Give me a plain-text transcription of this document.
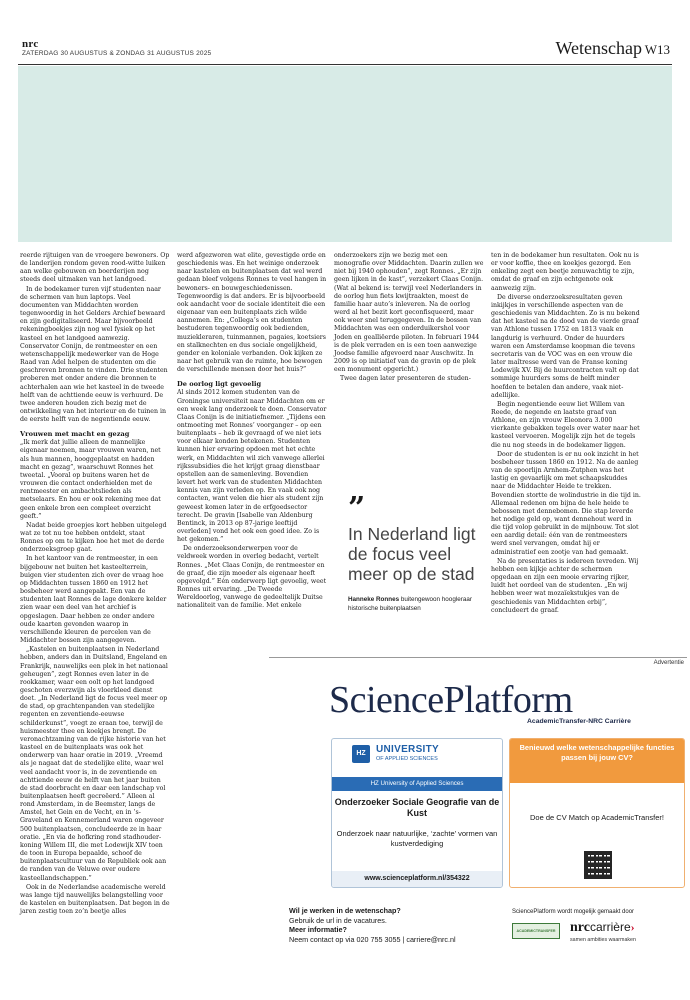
nrc
ZATERDAG 30 AUGUSTUS & ZONDAG 31 AUGUSTUS 2025	Wetenschap W13

reerde rijtuigen van de vroegere bewoners. Op de landerijen rondom geven rood-witte luiken aan welke gebouwen en boerderijen nog steeds deel uitmaken van het landgoed.

In de bodekamer turen vijf studenten naar de schermen van hun laptops. Veel documenten van Middachten worden tegenwoordig in het Gelders Archief bewaard en zijn gedigitaliseerd. Maar bijvoorbeeld rekeningboekjes zijn nog wel fysiek op het kasteel en het landgoed aanwezig. Conservator Conijn, de rentmeester en een wetenschappelijk medewerker van de Hoge Raad van Adel helpen de studenten om die geschreven bronnen te vinden. Drie studenten proberen met onder andere die bronnen te achterhalen aan wie het kasteel in de tweede helft van de achttiende eeuw is verhuurd. De twee anderen houden zich bezig met de ontwikkeling van het interieur en de tuinen in de eerste helft van de negentiende eeuw.

Vrouwen met macht en gezag

„Ik merk dat jullie alleen de mannelijke eigenaar noemen, maar vrouwen waren, net als hun mannen, hooggeplaatst en hadden macht en gezag”, waarschuwt Ronnes het tweetal. „Vooral op buitens waren het de vrouwen die contact onderhielden met de rentmeester en ambachtslieden als metselaars. En hou er ook rekening mee dat geen enkele bron een compleet overzicht geeft.”

Nadat beide groepjes kort hebben uitgelegd wat ze tot nu toe hebben ontdekt, staat Ronnes op om te kijken hoe het met de derde onderzoeksgroep gaat.

In het kantoor van de rentmeester, in een bijgebouw net buiten het kasteelterrein, buigen vier studenten zich over de vraag hoe op Middachten tussen 1860 en 1912 het bosbeheer werd aangepakt. Een van de studenten laat Ronnes de lage donkere kelder zien waar een deel van het archief is opgeslagen. Daar hebben ze onder andere oude kaarten gevonden waarop in verschillende kleuren de percelen van de Middachter bossen zijn aangegeven.

„Kastelen en buitenplaatsen in Nederland hebben, anders dan in Duitsland, Engeland en Frankrijk, nauwelijks een plek in het nationaal geheugen”, zegt Ronnes even later in de rookkamer, waar een oolt op het landgoed geschoten everzwijn als vloerkleed dienst doet. „In Nederland ligt de focus veel meer op de stad, op grachtenpanden van stedelijke regenten en zeventiende-eeuwse schilderkunst”, voegt ze eraan toe, terwijl de huismeester thee en koekjes brengt. De veronachtzaming van de rijke historie van het kasteel en de buitenplaats was ook het onderwerp van haar oratie in 2019. „Vreemd als je nagaat dat de stedelijke elite, waar wel veel aandacht voor is, in de zeventiende en achttiende eeuw de helft van het jaar buiten de stad doorbracht en daar een landschap vol buitenplaatsen heeft gecreëerd.” Alleen al rond Amsterdam, in de Beemster, langs de Amstel, het Gein en de Vecht, en in ’s-Graveland en Kennemerland waren ongeveer 500 buitenplaatsen, concludeerde ze in haar oratie. „En via de hofkring rond stadhouder-koning Willem III, die met Lodewijk XIV toen de toon in Europa bepaalde, schoof de buitenplaatscultuur van de Republiek ook aan de randen van de Veluwe over oudere kasteellandschappen.”

Ook in de Nederlandse academische wereld was lange tijd nauwelijks belangstelling voor de kastelen en buitenplaatsen. Dat begon in de jaren zestig toen zo’n beetje alles

werd afgezworen wat elite, gevestigde orde en geschiedenis was. En het weinige onderzoek naar kastelen en buitenplaatsen dat wel werd gedaan bleef volgens Ronnes te veel hangen in bewoners- en bouwgeschiedenissen. Tegenwoordig is dat anders. Er is bijvoorbeeld ook aandacht voor de sociale identiteit die een eigenaar van een buitenplaats zich wilde aannemen. En: „Collega’s en studenten bestuderen tegenwoordig ook bedienden, muziekleraren, tuinmannen, pagaies, koetsiers en stalknechten en dus sociale ongelijkheid, gender en koloniale verbanden. Ook kijken ze naar het gebruik van de ruimte, hoe bewogen de verschillende mensen door het huis?”

De oorlog ligt gevoelig

Al sinds 2012 komen studenten van de Groningse universiteit naar Middachten om er een week lang onderzoek te doen. Conservator Claas Conijn is de initiatiefnemer. „Tijdens een ontmoeting met Ronnes’ voorganger – op een buitenplaats – heb ik gevraagd of we niet iets voor elkaar konden betekenen. Studenten kunnen hier ervaring opdoen met het echte werk, en Middachten wil zich vanwege allerlei rijkssubsidies die het krijgt graag dienstbaar opstellen aan de samenleving. Bovendien levert het werk van de studenten Middachten kennis van zijn verleden op. En vaak ook nog contacten, want velen die hier als student zijn geweest komen later in de erfgoedsector terecht. De gravin [Isabelle van Aldenburg Bentinck, in 2013 op 87-jarige leeftijd overleden] vond het ook een goed idee. Zo is het gekomen.”

De onderzoeksonderwerpen voor de veldweek worden in overleg bedacht, vertelt Ronnes. „Met Claas Conijn, de rentmeester en de graaf, die zijn moeder als eigenaar heeft opgevolgd.” Eén onderwerp ligt gevoelig, weet Ronnes uit ervaring. „De Tweede Wereldoorlog, vanwege de gedeeltelijk Duitse nationaliteit van de familie. Met enkele

onderzoekers zijn we bezig met een monografie over Middachten. Daarin zullen we niet bij 1940 ophouden”, zegt Ronnes. „Er zijn geen lijken in de kast”, verzekert Claas Conijn. (Wat al bekend is: terwijl veel Nederlanders in de oorlog hun fiets kwijtraakten, moest de familie haar auto’s inleveren. Na de oorlog werd al het bezit kort geconfisqueerd, maar ook weer snel teruggegeven. In de bossen van Middachten was een onderduikershol voor Joden en gealliëerde piloten. In februari 1944 is de plek verraden en is een toen aanwezige Joodse familie afgevoerd naar Auschwitz. In 2009 is op initiatief van de gravin op de plek een monument opgericht.)

Twee dagen later presenteren de studen-

ten in de bodekamer hun resultaten. Ook nu is er voor koffie, thee en koekjes gezorgd. Een enkeling zegt een beetje zenuwachtig te zijn, omdat de graaf en zijn echtgenote ook aanwezig zijn.

De diverse onderzoeksresultaten geven inkijkjes in verschillende aspecten van de geschiedenis van Middachten. Zo is nu bekend dat het kasteel na de dood van de vierde graaf van Athlone tussen 1752 en 1813 vaak en langdurig is verhuurd. Onder de huurders waren een Amsterdamse koopman die tevens secretaris van de VOC was en een vrouw die later maîtresse werd van de Franse koning Lodewijk XV. Bij de huurcontracten valt op dat sommige huurders soms de helft minder hoefden te betalen dan andere, vaak niet-adellijke.

Begin negentiende eeuw liet Willem van Reede, de negende en laatste graaf van Athlone, en zijn vrouw Eleonora 3.000 vierkante gebakken tegels over water naar het kasteel vervoeren. Mogelijk zijn het de tegels die nu nog steeds in de bodekamer liggen.

Door de studenten is er nu ook inzicht in het bosbeheer tussen 1860 en 1912. Na de aanleg van de spoorlijn Arnhem-Zutphen was het lastig en gevaarlijk om met schaapskuddes naar de Middachter Heide te trekken. Bovendien stortte de wolindustrie in die tijd in. Allemaal redenen om bijna de hele heide te bebossen met dennebomen. Die stap leverde het nodige geld op, want dennehout werd in die tijd volop gebruikt in de mijnbouw. Tot slot een aardig detail: één van de rentmeesters werd snel vervangen, omdat hij er administratief een zootje van had gemaakt.

Na de presentaties is iedereen tevreden. Wij hebben een kijkje achter de schermen opgedaan en zijn een mooie ervaring rijker, luidt het oordeel van de studenten. „En wij hebben weer wat mozaïekstukjes van de geschiedenis van Middachten erbij”, concludeert de graaf.

”
In Nederland ligt de focus veel meer op de stad
Hanneke Ronnes buitengewoon hoogleraar historische buitenplaatsen
Advertentie
SciencePlatform
AcademicTransfer-NRC Carrière
HZ	UNIVERSITY
OF APPLIED SCIENCES
HZ University of Applied Sciences
Onderzoeker Sociale Geografie van de Kust
Onderzoek naar natuurlijke, ‘zachte’ vormen van kustverdediging
www.scienceplatform.nl/354322
Benieuwd welke wetenschappelijke functies passen bij jouw CV?
Doe de CV Match op AcademicTransfer!
Wil je werken in de wetenschap?
Gebruik de url in de vacatures.
Meer informatie?
Neem contact op via 020 755 3055 | carriere@nrc.nl
SciencePlatform wordt mogelijk gemaakt door
ACADEMICTRANSFER nrccarrière›
samen ambities waarmaken
